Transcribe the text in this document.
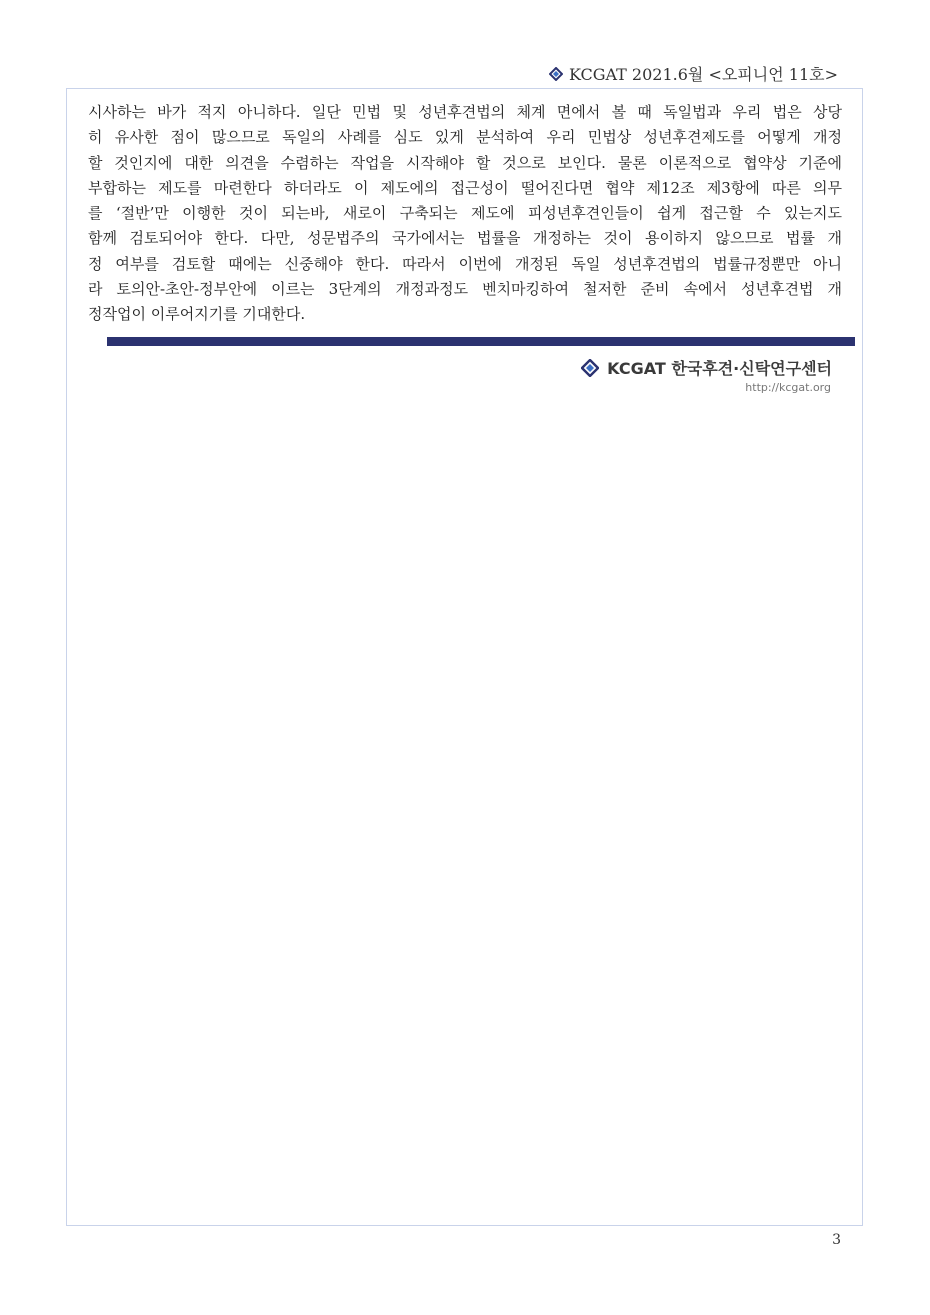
KCGAT 2021.6월 <오피니언 11호>
시사하는 바가 적지 아니하다. 일단 민법 및 성년후견법의 체계 면에서 볼 때 독일법과 우리 법은 상당
히 유사한 점이 많으므로 독일의 사례를 심도 있게 분석하여 우리 민법상 성년후견제도를 어떻게 개정
할 것인지에 대한 의견을 수렴하는 작업을 시작해야 할 것으로 보인다. 물론 이론적으로 협약상 기준에
부합하는 제도를 마련한다 하더라도 이 제도에의 접근성이 떨어진다면 협약 제12조 제3항에 따른 의무
를 ‘절반’만 이행한 것이 되는바, 새로이 구축되는 제도에 피성년후견인들이 쉽게 접근할 수 있는지도
함께 검토되어야 한다. 다만, 성문법주의 국가에서는 법률을 개정하는 것이 용이하지 않으므로 법률 개
정 여부를 검토할 때에는 신중해야 한다. 따라서 이번에 개정된 독일 성년후견법의 법률규정뿐만 아니
라 토의안-초안-정부안에 이르는 3단계의 개정과정도 벤치마킹하여 철저한 준비 속에서 성년후견법 개
정작업이 이루어지기를 기대한다.
KCGAT 한국후견·신탁연구센터
http://kcgat.org
3
